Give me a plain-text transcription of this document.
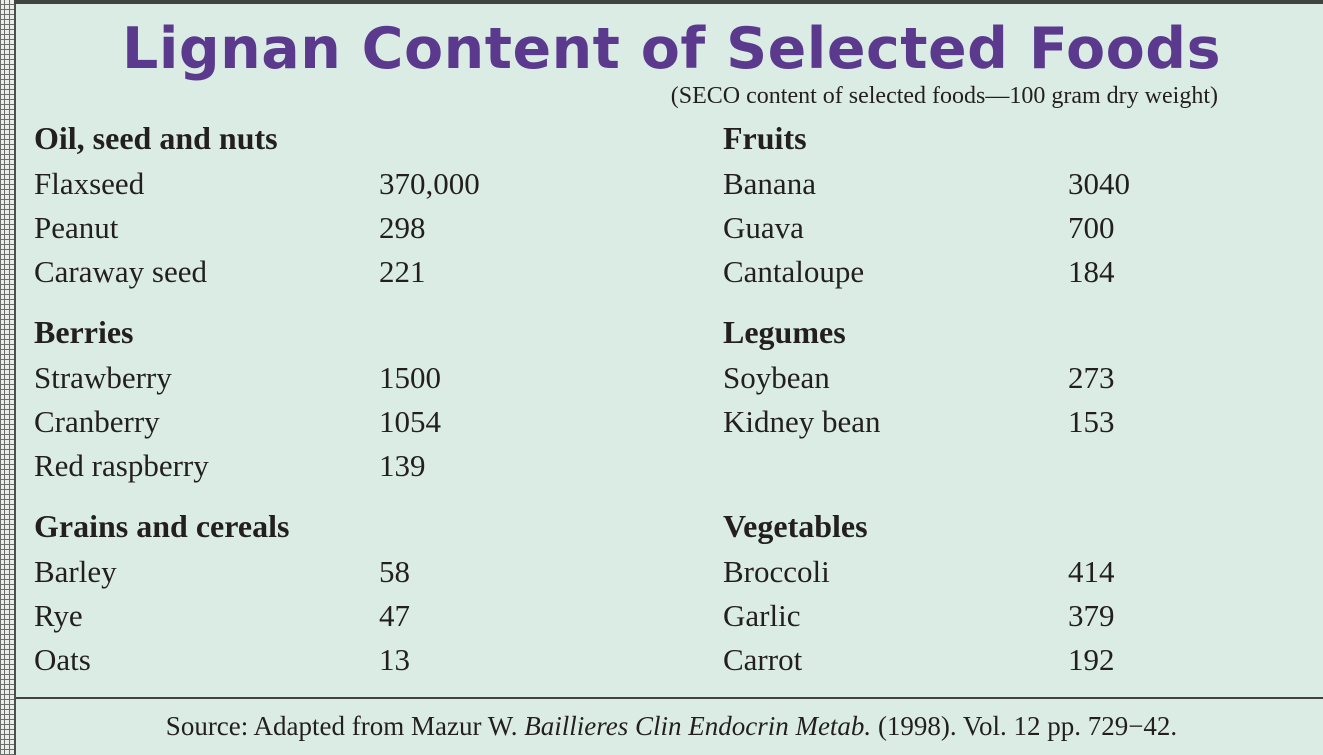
Lignan Content of Selected Foods
(SECO content of selected foods—100 gram dry weight)
Oil, seed and nuts
Flaxseed	370,000
Peanut	298
Caraway seed	221
Berries
Strawberry	1500
Cranberry	1054
Red raspberry	139
Grains and cereals
Barley	58
Rye	47
Oats	13
Fruits
Banana	3040
Guava	700
Cantaloupe	184
Legumes
Soybean	273
Kidney bean	153
Vegetables
Broccoli	414
Garlic	379
Carrot	192
Source: Adapted from Mazur W. Baillieres Clin Endocrin Metab. (1998). Vol. 12 pp. 729−42.
